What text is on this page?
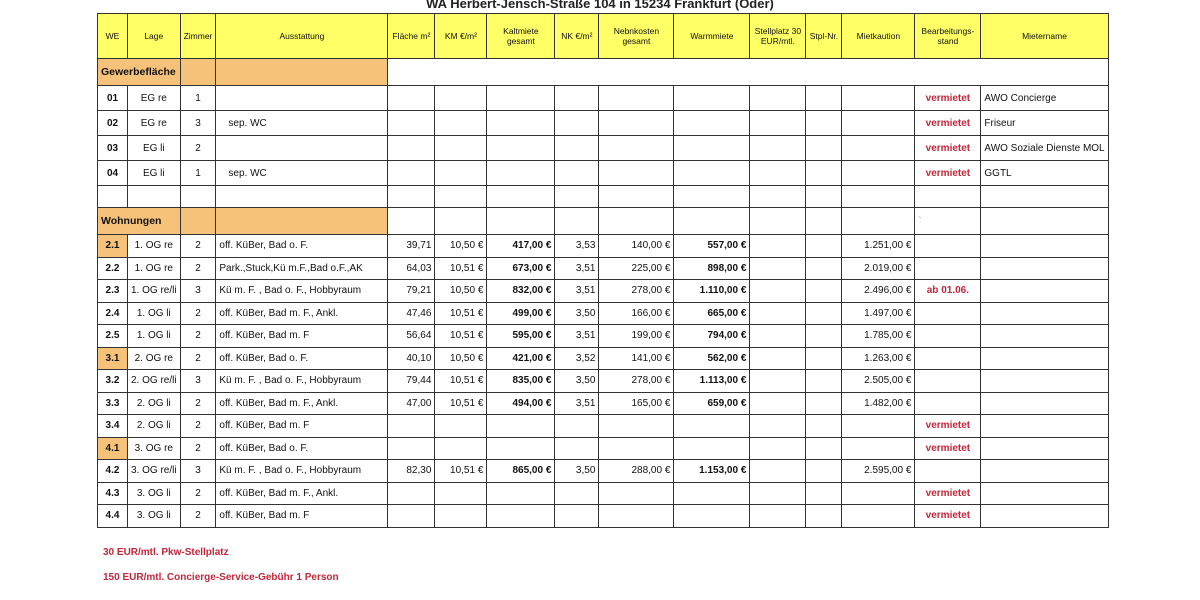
WA Herbert-Jensch-Straße 104 in 15234 Frankfurt (Oder)
WE	Lage	Zimmer	Ausstattung	Fläche m²	KM €/m²	Kaltmiete gesamt	NK €/m²	Nebnkosten gesamt	Warmmiete	Stellplatz 30 EUR/mtl.	Stpl-Nr.	Mietkaution	Bearbeitungs-stand	Mietername
Gewerbefläche														
01	EG re	1											vermietet	AWO Concierge
02	EG re	3	sep. WC										vermietet	Friseur
03	EG li	2											vermietet	AWO Soziale Dienste MOL
04	EG li	1	sep. WC										vermietet	GGTL

Wohnungen													`	
2.1	1. OG re	2	off. KüBer, Bad o. F.	39,71	10,50 €	417,00 €	3,53	140,00 €	557,00 €			1.251,00 €		
2.2	1. OG re	2	Park.,Stuck,Kü m.F.,Bad o.F.,AK	64,03	10,51 €	673,00 €	3,51	225,00 €	898,00 €			2.019,00 €		
2.3	1. OG re/li	3	Kü m. F. , Bad o. F., Hobbyraum	79,21	10,50 €	832,00 €	3,51	278,00 €	1.110,00 €			2.496,00 €	ab 01.06.	
2.4	1. OG li	2	off. KüBer, Bad m. F., Ankl.	47,46	10,51 €	499,00 €	3,50	166,00 €	665,00 €			1.497,00 €		
2.5	1. OG li	2	off. KüBer, Bad m. F	56,64	10,51 €	595,00 €	3,51	199,00 €	794,00 €			1.785,00 €		
3.1	2. OG re	2	off. KüBer, Bad o. F.	40,10	10,50 €	421,00 €	3,52	141,00 €	562,00 €			1.263,00 €		
3.2	2. OG re/li	3	Kü m. F. , Bad o. F., Hobbyraum	79,44	10,51 €	835,00 €	3,50	278,00 €	1.113,00 €			2.505,00 €		
3.3	2. OG li	2	off. KüBer, Bad m. F., Ankl.	47,00	10,51 €	494,00 €	3,51	165,00 €	659,00 €			1.482,00 €		
3.4	2. OG li	2	off. KüBer, Bad m. F										vermietet	
4.1	3. OG re	2	off. KüBer, Bad o. F.										vermietet	
4.2	3. OG re/li	3	Kü m. F. , Bad o. F., Hobbyraum	82,30	10,51 €	865,00 €	3,50	288,00 €	1.153,00 €			2.595,00 €		
4.3	3. OG li	2	off. KüBer, Bad m. F., Ankl.										vermietet	
4.4	3. OG li	2	off. KüBer, Bad m. F										vermietet	
30 EUR/mtl. Pkw-Stellplatz
150 EUR/mtl. Concierge-Service-Gebühr 1 Person
